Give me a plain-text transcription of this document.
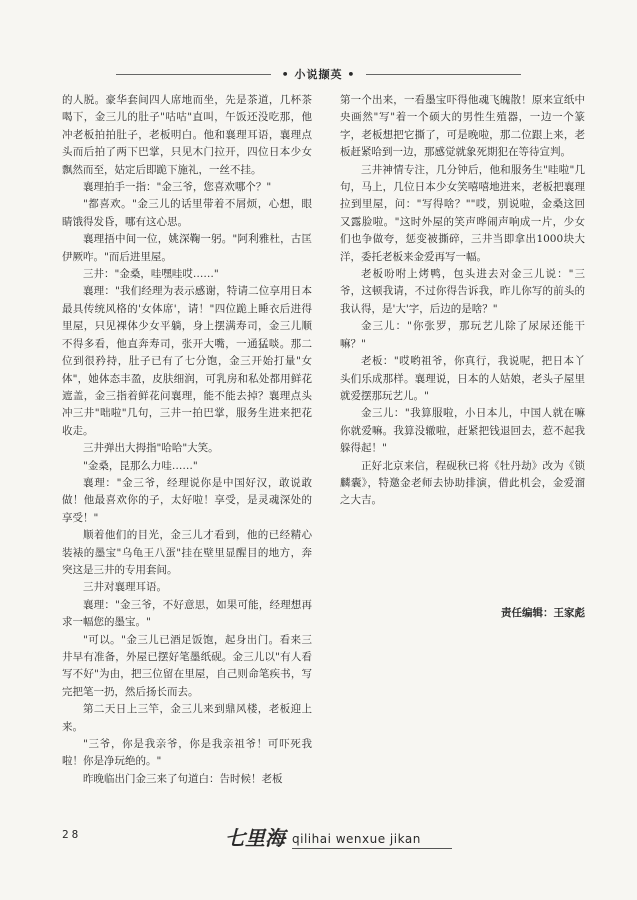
• 小说撷英 •

的人脱。豪华套间四人席地而坐，先是茶道，几杯茶喝下，金三儿的肚子"咕咕"直叫，午饭还没吃那，他冲老板拍拍肚子，老板明白。他和襄理耳语，襄理点头而后拍了两下巴掌，只见木门拉开，四位日本少女飘然而至，姑定后即跪下施礼，一丝不挂。

襄理拍手一指："金三爷，您喜欢哪个？"

"都喜欢。"金三儿的话里带着不屑烦，心想，眼睛饿得发昏，哪有这心思。

襄理捂中间一位，姚深鞠一躬。"阿利雅杜，古匡伊厥咋。"而后进里屋。

三井："金桑，哇嘿哇哎……"

襄理："我们经理为表示感谢，特请二位享用日本最具传统风格的'女体席'，请！"四位跪上睡衣后进得里屋，只见裸体少女平躺，身上摆满寿司，金三儿顺不得多看，他直奔寿司，张开大嘴，一通猛啖。那二位到很矜持，肚子已有了七分饱，金三开始打量"女体"，她体态丰盈，皮肤细润，可乳房和私处都用鲜花遮盖，金三指着鲜花问襄理，能不能去掉？襄理点头冲三井"咄啦"几句，三井一拍巴掌，服务生进来把花收走。

三井弹出大拇指"哈哈"大笑。

"金桑，昆那么力哇……"

襄理："金三爷，经理说你是中国好汉，敢说敢做！他最喜欢你的子，太好啦！享受，是灵魂深处的享受！"

顺着他们的目光，金三儿才看到，他的已经精心装裱的墨宝"乌龟王八蛋"挂在壁里显醒目的地方，奔突这是三井的专用套间。

三井对襄理耳语。

襄理："金三爷，不好意思，如果可能，经理想再求一幅您的墨宝。"

"可以。"金三儿已酒足饭饱，起身出门。看来三井早有准备，外屋已摆好笔墨纸砚。金三儿以"有人看写不好"为由，把三位留在里屋，自己则命笔疾书，写完把笔一扔，然后扬长而去。

第二天日上三竿，金三儿来到鼎风楼，老板迎上来。

"三爷，你是我亲爷，你是我亲祖爷！可吓死我啦！你是净玩绝的。"

昨晚临出门金三来了句道白：告时候！老板

第一个出来，一看墨宝吓得他魂飞魄散！原来宣纸中央画然"写"着一个硕大的男性生殖器，一边一个篆字，老板想把它撕了，可是晚啦，那二位跟上来，老板赶紧哈到一边，那感觉就象死期犯在等待宣判。

三井神情专注，几分钟后，他和服务生"哇啦"几句，马上，几位日本少女笑嘻嘻地进来，老板把襄理拉到里屋，问："写得啥？""哎，别说啦，金桑这回又露脸啦。"这时外屋的笑声哗闹声响成一片，少女们也争做夸，惩变被撕碎，三井当即拿出1000块大洋，委托老板来金爱再写一幅。

老板吩咐上烤鸭，包头进去对金三儿说："三爷，这顿我请，不过你得告诉我，昨儿你写的前头的我认得，是'大'字，后边的是啥？"

金三儿："你张罗，那玩艺儿除了尿尿还能干嘛？"

老板："哎哟祖爷，你真行，我说呢，把日本丫头们乐成那样。襄理说，日本的人姑娘，老头子屋里就爱摆那玩艺儿。"

金三儿："我算服啦，小日本儿，中国人就在嘛你就爱嘛。我算没辙啦，赶紧把钱退回去，惹不起我躲得起！"

正好北京来信，程砚秋已将《牡丹劫》改为《锁麟囊》，特邀金老师去协助排演，借此机会，金爱溜之大吉。

责任编辑：王家彪
28	七里海 qilihai wenxue jikan
